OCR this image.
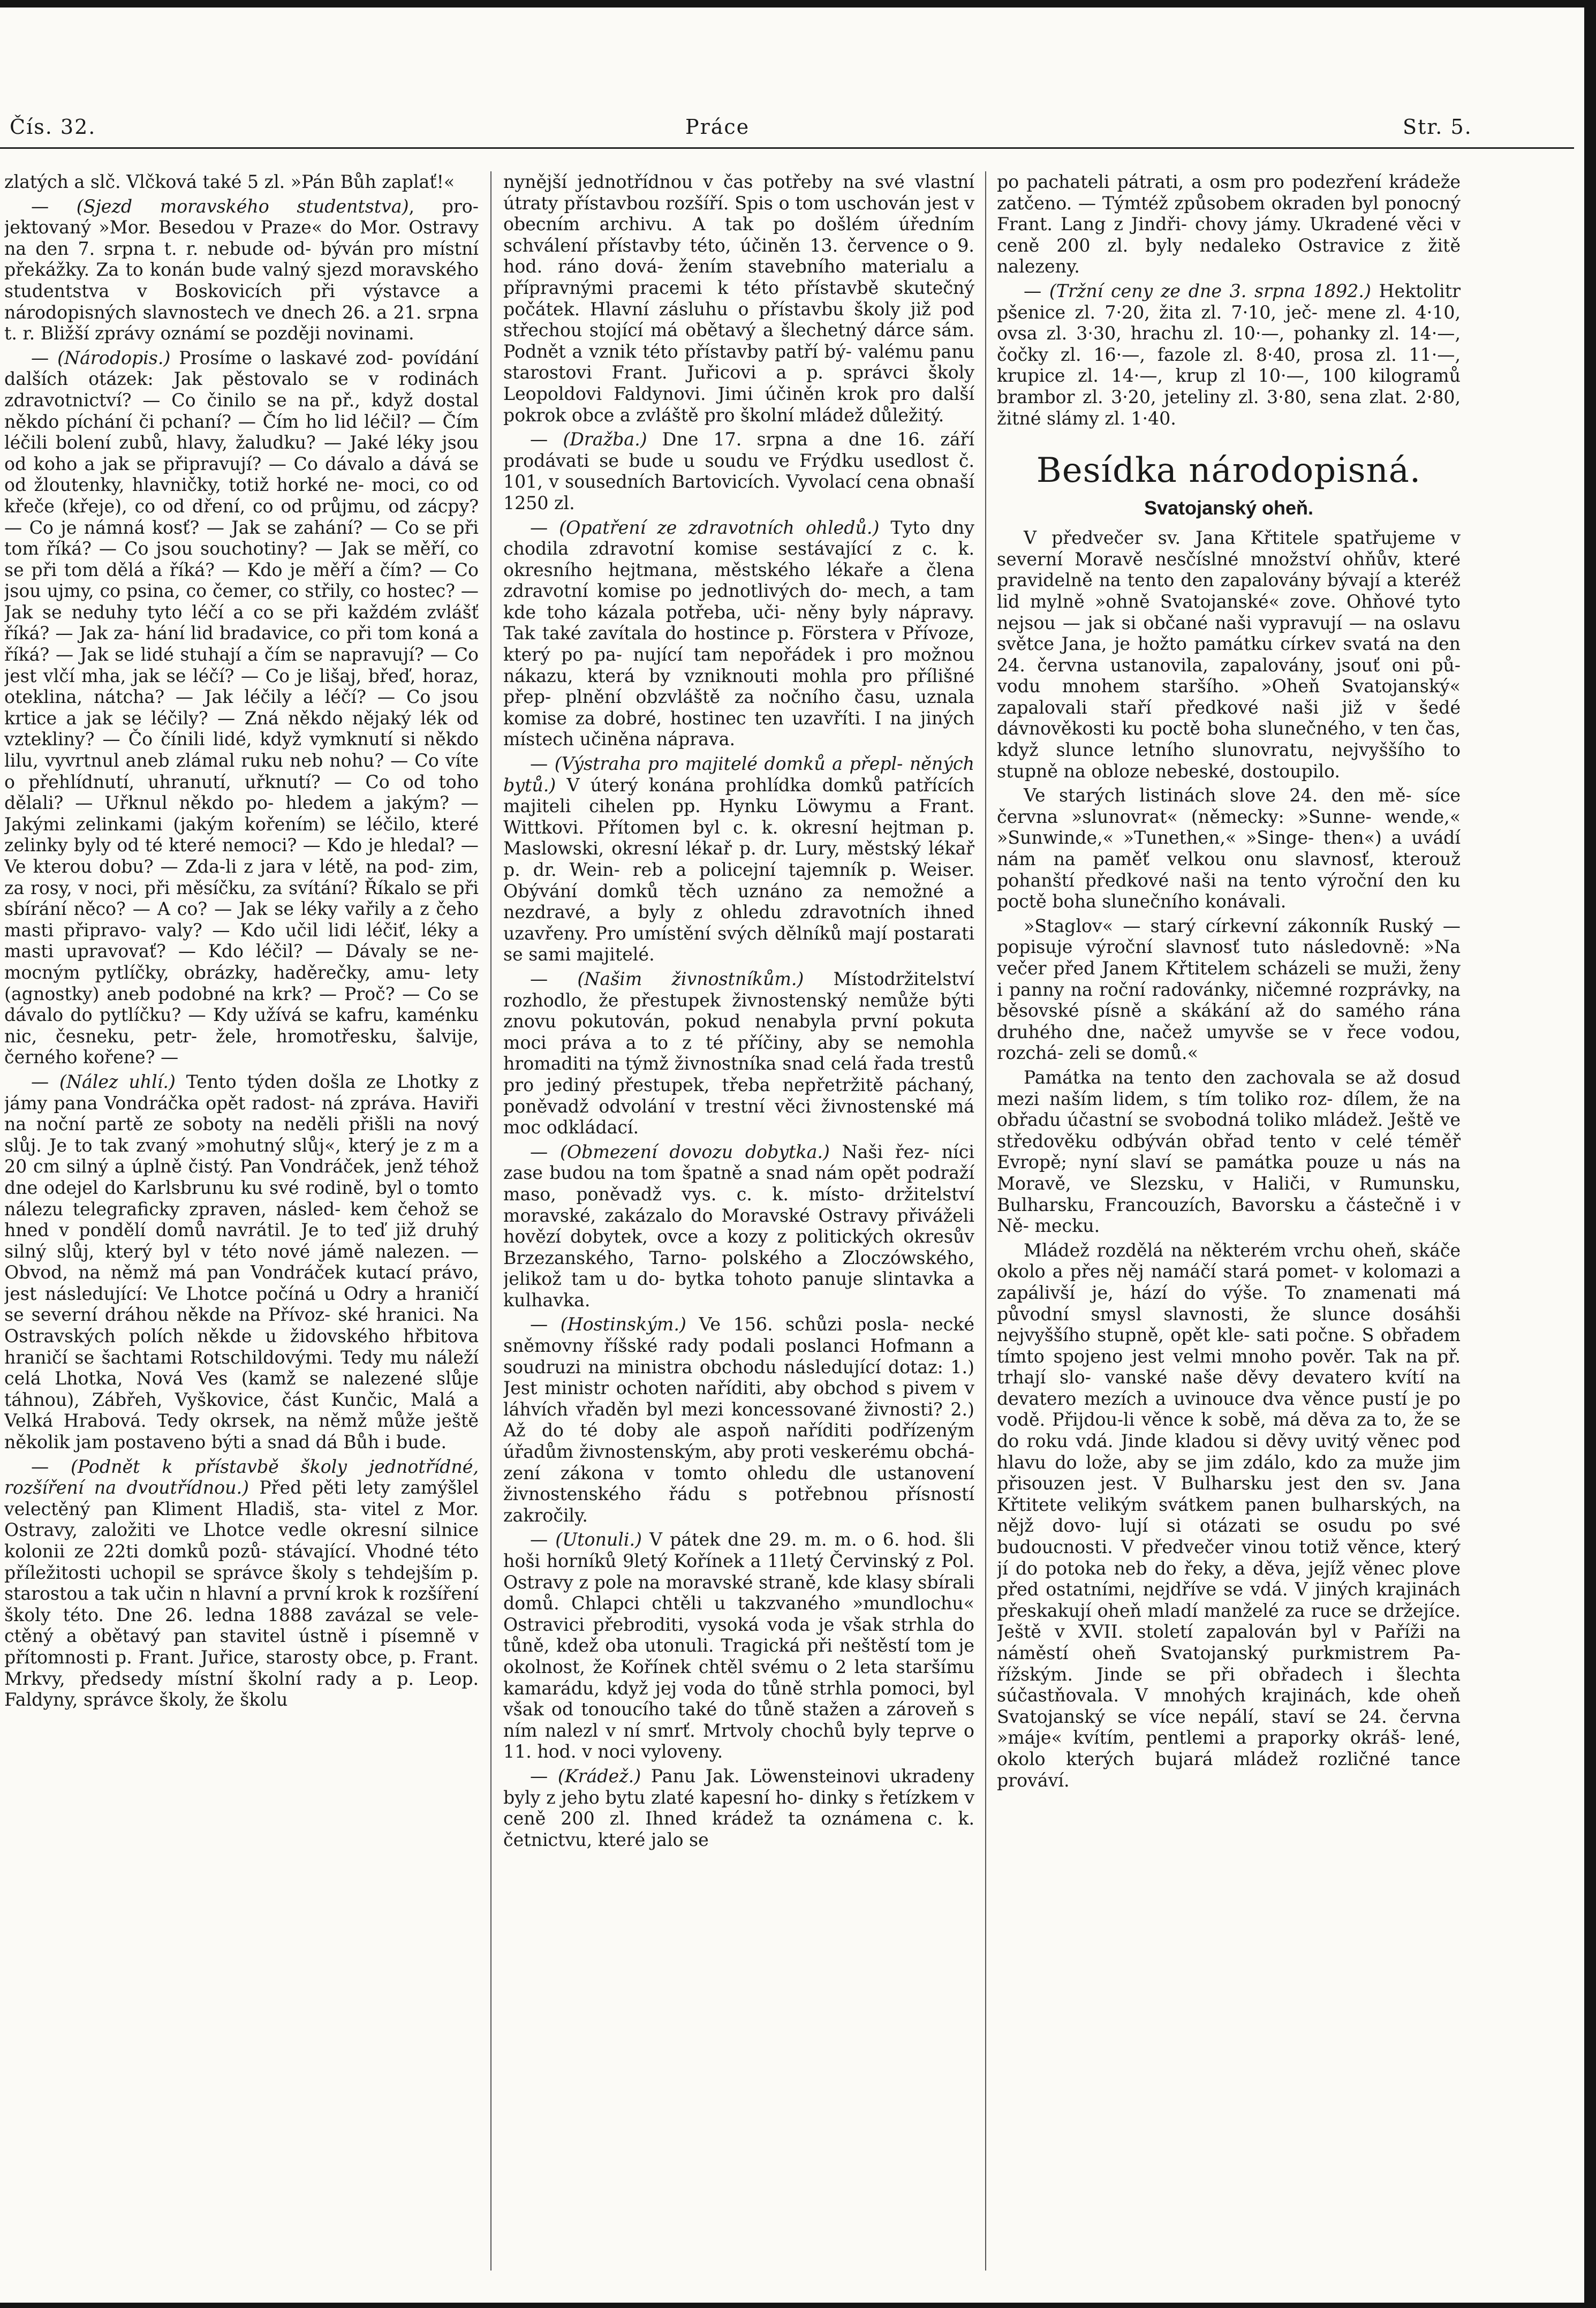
Čís. 32.	Práce	Str. 5.

zlatých a slč. Vlčková také 5 zl. »Pán Bůh zaplať!«

— (Sjezd moravského studentstva), pro- jektovaný »Mor. Besedou v Praze« do Mor. Ostravy na den 7. srpna t. r. nebude od- býván pro místní překážky. Za to konán bude valný sjezd moravského studentstva v Boskovicích při výstavce a národopisných slavnostech ve dnech 26. a 21. srpna t. r. Bližší zprávy oznámí se později novinami.

— (Národopis.) Prosíme o laskavé zod- povídání dalších otázek: Jak pěstovalo se v rodinách zdravotnictví? — Co činilo se na př., když dostal někdo píchání či pchaní? — Čím ho lid léčil? — Čím léčili bolení zubů, hlavy, žaludku? — Jaké léky jsou od koho a jak se připravují? — Co dávalo a dává se od žloutenky, hlavničky, totiž horké ne- moci, co od křeče (křeje), co od dření, co od průjmu, od zácpy? — Co je námná kosť? — Jak se zahání? — Co se při tom říká? — Co jsou souchotiny? — Jak se měří, co se při tom dělá a říká? — Kdo je měří a čím? — Co jsou ujmy, co psina, co čemer, co střily, co hostec? — Jak se neduhy tyto léčí a co se při každém zvlášť říká? — Jak za- hání lid bradavice, co při tom koná a říká? — Jak se lidé stuhají a čím se napravují? — Co jest vlčí mha, jak se léčí? — Co je lišaj, břeď, horaz, oteklina, nátcha? — Jak léčily a léčí? — Co jsou krtice a jak se léčily? — Zná někdo nějaký lék od vztekliny? — Čo čínili lidé, když vymknutí si někdo lilu, vyvrtnul aneb zlámal ruku neb nohu? — Co víte o přehlídnutí, uhranutí, uřknutí? — Co od toho dělali? — Uřknul někdo po- hledem a jakým? — Jakými zelinkami (jakým kořením) se léčilo, které zelinky byly od té které nemoci? — Kdo je hledal? — Ve kterou dobu? — Zda-li z jara v létě, na pod- zim, za rosy, v noci, při měsíčku, za svítání? Říkalo se při sbírání něco? — A co? — Jak se léky vařily a z čeho masti připravo- valy? — Kdo učil lidi léčiť, léky a masti upravovať? — Kdo léčil? — Dávaly se ne- mocným pytlíčky, obrázky, haděrečky, amu- lety (agnostky) aneb podobné na krk? — Proč? — Co se dávalo do pytlíčku? — Kdy užívá se kafru, kaménku nic, česneku, petr- žele, hromotřesku, šalvije, černého kořene? —

— (Nález uhlí.) Tento týden došla ze Lhotky z jámy pana Vondráčka opět radost- ná zpráva. Haviři na noční partě ze soboty na neděli přišli na nový slůj. Je to tak zvaný »mohutný slůj«, který je z m a 20 cm silný a úplně čistý. Pan Vondráček, jenž téhož dne odejel do Karlsbrunu ku své rodině, byl o tomto nálezu telegraficky zpraven, násled- kem čehož se hned v pondělí domů navrátil. Je to teď již druhý silný slůj, který byl v této nové jámě nalezen. — Obvod, na němž má pan Vondráček kutací právo, jest následující: Ve Lhotce počíná u Odry a hraničí se severní dráhou někde na Přívoz- ské hranici. Na Ostravských polích někde u židovského hřbitova hraničí se šachtami Rotschildovými. Tedy mu náleží celá Lhotka, Nová Ves (kamž se nalezené slůje táhnou), Zábřeh, Vyškovice, část Kunčic, Malá a Velká Hrabová. Tedy okrsek, na němž může ještě několik jam postaveno býti a snad dá Bůh i bude.

— (Podnět k přístavbě školy jednotřídné, rozšíření na dvoutřídnou.) Před pěti lety zamýšlel velectěný pan Kliment Hladiš, sta- vitel z Mor. Ostravy, založiti ve Lhotce vedle okresní silnice kolonii ze 22ti domků pozů- stávající. Vhodné této příležitosti uchopil se správce školy s tehdejším p. starostou a tak učin n hlavní a první krok k rozšíření školy této. Dne 26. ledna 1888 zavázal se vele- ctěný a obětavý pan stavitel ústně i písemně v přítomnosti p. Frant. Juřice, starosty obce, p. Frant. Mrkvy, předsedy místní školní rady a p. Leop. Faldyny, správce školy, že školu

nynější jednotřídnou v čas potřeby na své vlastní útraty přístavbou rozšíří. Spis o tom uschován jest v obecním archivu. A tak po došlém úředním schválení přístavby této, účiněn 13. července o 9. hod. ráno dová- žením stavebního materialu a přípravnými pracemi k této přístavbě skutečný počátek. Hlavní zásluhu o přístavbu školy již pod střechou stojící má obětavý a šlechetný dárce sám. Podnět a vznik této přístavby patří bý- valému panu starostovi Frant. Juřicovi a p. správci školy Leopoldovi Faldynovi. Jimi účiněn krok pro další pokrok obce a zvláště pro školní mládež důležitý.

— (Dražba.) Dne 17. srpna a dne 16. září prodávati se bude u soudu ve Frýdku usedlost č. 101, v sousedních Bartovicích. Vyvolací cena obnaší 1250 zl.

— (Opatření ze zdravotních ohledů.) Tyto dny chodila zdravotní komise sestávající z c. k. okresního hejtmana, městského lékaře a člena zdravotní komise po jednotlivých do- mech, a tam kde toho kázala potřeba, uči- něny byly nápravy. Tak také zavítala do hostince p. Förstera v Přívoze, který po pa- nující tam nepořádek i pro možnou nákazu, která by vzniknouti mohla pro přílišné přep- plnění obzvláště za nočního času, uznala komise za dobré, hostinec ten uzavříti. I na jiných místech učiněna náprava.

— (Výstraha pro majitelé domků a přepl- něných bytů.) V úterý konána prohlídka domků patřících majiteli cihelen pp. Hynku Löwymu a Frant. Wittkovi. Přítomen byl c. k. okresní hejtman p. Maslowski, okresní lékař p. dr. Lury, městský lékař p. dr. Wein- reb a policejní tajemník p. Weiser. Obývání domků těch uznáno za nemožné a nezdravé, a byly z ohledu zdravotních ihned uzavřeny. Pro umístění svých dělníků mají postarati se sami majitelé.

— (Našim živnostníkům.) Místodržitelství rozhodlo, že přestupek živnostenský nemůže býti znovu pokutován, pokud nenabyla první pokuta moci práva a to z té příčiny, aby se nemohla hromaditi na týmž živnostníka snad celá řada trestů pro jediný přestupek, třeba nepřetržitě páchaný, poněvadž odvolání v trestní věci živnostenské má moc odkládací.

— (Obmezení dovozu dobytka.) Naši řez- níci zase budou na tom špatně a snad nám opět podraží maso, poněvadž vys. c. k. místo- držitelství moravské, zakázalo do Moravské Ostravy přiváželi hovězí dobytek, ovce a kozy z politických okresův Brzezanského, Tarno- polského a Zloczówského, jelikož tam u do- bytka tohoto panuje slintavka a kulhavka.

— (Hostinským.) Ve 156. schůzi posla- necké sněmovny říšské rady podali poslanci Hofmann a soudruzi na ministra obchodu následující dotaz: 1.) Jest ministr ochoten naříditi, aby obchod s pivem v láhvích vřaděn byl mezi koncessované živnosti? 2.) Až do té doby ale aspoň naříditi podřízeným úřadům živnostenským, aby proti veskerému obchá- zení zákona v tomto ohledu dle ustanovení živnostenského řádu s potřebnou přísností zakročily.

— (Utonuli.) V pátek dne 29. m. m. o 6. hod. šli hoši horníků 9letý Kořínek a 11letý Červinský z Pol. Ostravy z pole na moravské straně, kde klasy sbírali domů. Chlapci chtěli u takzvaného »mundlochu« Ostravici přebroditi, vysoká voda je však strhla do tůně, kdež oba utonuli. Tragická při neštěstí tom je okolnost, že Kořínek chtěl svému o 2 leta staršímu kamarádu, když jej voda do tůně strhla pomoci, byl však od tonoucího také do tůně stažen a zároveň s ním nalezl v ní smrť. Mrtvoly chochů byly teprve o 11. hod. v noci vyloveny.

— (Krádež.) Panu Jak. Löwensteinovi ukradeny byly z jeho bytu zlaté kapesní ho- dinky s řetízkem v ceně 200 zl. Ihned krádež ta oznámena c. k. četnictvu, které jalo se

po pachateli pátrati, a osm pro podezření krádeže zatčeno. — Týmtéž způsobem okraden byl ponocný Frant. Lang z Jindři- chovy jámy. Ukradené věci v ceně 200 zl. byly nedaleko Ostravice z žitě nalezeny.

— (Tržní ceny ze dne 3. srpna 1892.) Hektolitr pšenice zl. 7·20, žita zl. 7·10, ječ- mene zl. 4·10, ovsa zl. 3·30, hrachu zl. 10·—, pohanky zl. 14·—, čočky zl. 16·—, fazole zl. 8·40, prosa zl. 11·—, krupice zl. 14·—, krup zl 10·—, 100 kilogramů brambor zl. 3·20, jeteliny zl. 3·80, sena zlat. 2·80, žitné slámy zl. 1·40.

Besídka národopisná.
Svatojanský oheň.

V předvečer sv. Jana Křtitele spatřujeme v severní Moravě nesčíslné množství ohňův, které pravidelně na tento den zapalovány bývají a kteréž lid mylně »ohně Svatojanské« zove. Ohňové tyto nejsou — jak si občané naši vypravují — na oslavu světce Jana, je hožto památku církev svatá na den 24. června ustanovila, zapalovány, jsouť oni pů- vodu mnohem staršího. »Oheň Svatojanský« zapalovali staří předkové naši již v šedé dávnověkosti ku poctě boha slunečného, v ten čas, když slunce letního slunovratu, nejvyššího to stupně na obloze nebeské, dostoupilo.

Ve starých listinách slove 24. den mě- síce června »slunovrat« (německy: »Sunne- wende,« »Sunwinde,« »Tunethen,« »Singe- then«) a uvádí nám na paměť velkou onu slavnosť, kterouž pohanští předkové naši na tento výroční den ku poctě boha slunečního konávali.

»Staglov« — starý církevní zákonník Ruský — popisuje výroční slavnosť tuto následovně: »Na večer před Janem Křtitelem scházeli se muži, ženy i panny na roční radovánky, ničemné rozprávky, na běsovské písně a skákání až do samého rána druhého dne, načež umyvše se v řece vodou, rozchá- zeli se domů.«

Památka na tento den zachovala se až dosud mezi naším lidem, s tím toliko roz- dílem, že na obřadu účastní se svobodná toliko mládež. Ještě ve středověku odbýván obřad tento v celé téměř Evropě; nyní slaví se památka pouze u nás na Moravě, ve Slezsku, v Haliči, v Rumunsku, Bulharsku, Francouzích, Bavorsku a částečně i v Ně- mecku.

Mládež rozdělá na některém vrchu oheň, skáče okolo a přes něj namáčí stará pomet- v kolomazi a zapálivší je, hází do výše. To znamenati má původní smysl slavnosti, že slunce dosáhši nejvyššího stupně, opět kle- sati počne. S obřadem tímto spojeno jest velmi mnoho pověr. Tak na př. trhají slo- vanské naše děvy devatero kvítí na devatero mezích a uvinouce dva věnce pustí je po vodě. Přijdou-li věnce k sobě, má děva za to, že se do roku vdá. Jinde kladou si děvy uvitý věnec pod hlavu do lože, aby se jim zdálo, kdo za muže jim přisouzen jest. V Bulharsku jest den sv. Jana Křtitete velikým svátkem panen bulharských, na nějž dovo- lují si otázati se osudu po své budoucnosti. V předvečer vinou totiž věnce, který jí do potoka neb do řeky, a děva, jejíž věnec plove před ostatními, nejdříve se vdá. V jiných krajinách přeskakují oheň mladí manželé za ruce se držejíce. Ještě v XVII. století zapalován byl v Paříži na náměstí oheň Svatojanský purkmistrem Pa- řížským. Jinde se při obřadech i šlechta súčastňovala. V mnohých krajinách, kde oheň Svatojanský se více nepálí, staví se 24. června »máje« kvítím, pentlemi a praporky okráš- lené, okolo kterých bujará mládež rozličné tance prováví.
